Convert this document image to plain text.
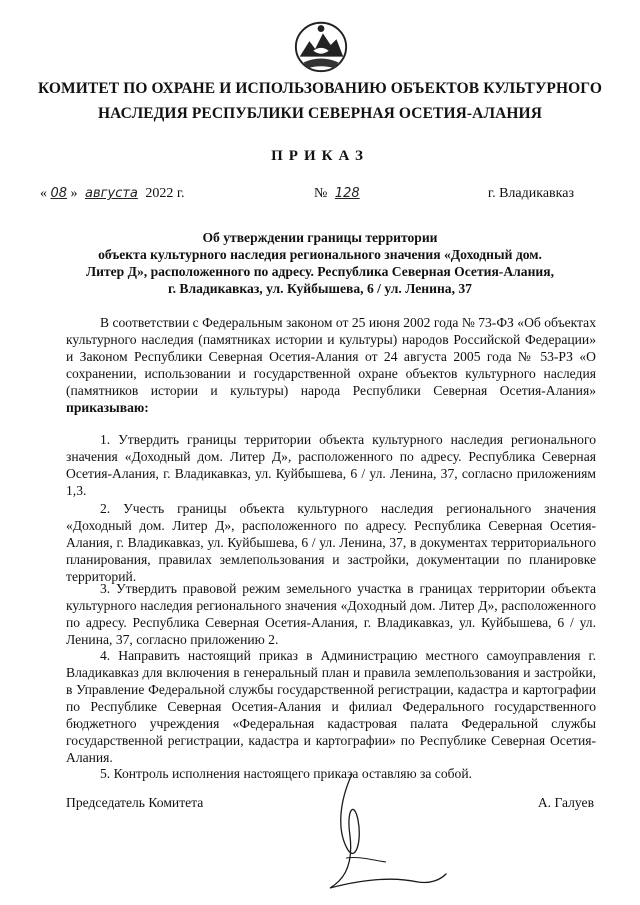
КОМИТЕТ ПО ОХРАНЕ И ИСПОЛЬЗОВАНИЮ ОБЪЕКТОВ КУЛЬТУРНОГО
НАСЛЕДИЯ РЕСПУБЛИКИ СЕВЕРНАЯ ОСЕТИЯ-АЛАНИЯ
ПРИКАЗ
« 08 » августа 2022 г.	№ 128	г. Владикавказ
Об утверждении границы территории
объекта культурного наследия регионального значения «Доходный дом.
Литер Д», расположенного по адресу. Республика Северная Осетия-Алания,
г. Владикавказ, ул. Куйбышева, 6 / ул. Ленина, 37

В соответствии с Федеральным законом от 25 июня 2002 года № 73-ФЗ «Об объектах культурного наследия (памятниках истории и культуры) народов Российской Федерации» и Законом Республики Северная Осетия-Алания от 24 августа 2005 года № 53-РЗ «О сохранении, использовании и государственной охране объектов культурного наследия (памятников истории и культуры) народа Республики Северная Осетия-Алания» приказываю:

1. Утвердить границы территории объекта культурного наследия регионального значения «Доходный дом. Литер Д», расположенного по адресу. Республика Северная Осетия-Алания, г. Владикавказ, ул. Куйбышева, 6 / ул. Ленина, 37, согласно приложениям 1,3.

2. Учесть границы объекта культурного наследия регионального значения «Доходный дом. Литер Д», расположенного по адресу. Республика Северная Осетия-Алания, г. Владикавказ, ул. Куйбышева, 6 / ул. Ленина, 37, в документах территориального планирования, правилах землепользования и застройки, документации по планировке территорий.

3. Утвердить правовой режим земельного участка в границах территории объекта культурного наследия регионального значения «Доходный дом. Литер Д», расположенного по адресу. Республика Северная Осетия-Алания, г. Владикавказ, ул. Куйбышева, 6 / ул. Ленина, 37, согласно приложению 2.

4. Направить настоящий приказ в Администрацию местного самоуправления г. Владикавказ для включения в генеральный план и правила землепользования и застройки, в Управление Федеральной службы государственной регистрации, кадастра и картографии по Республике Северная Осетия-Алания и филиал Федерального государственного бюджетного учреждения «Федеральная кадастровая палата Федеральной службы государственной регистрации, кадастра и картографии» по Республике Северная Осетия-Алания.

5. Контроль исполнения настоящего приказа оставляю за собой.

Председатель Комитета	А. Галуев
